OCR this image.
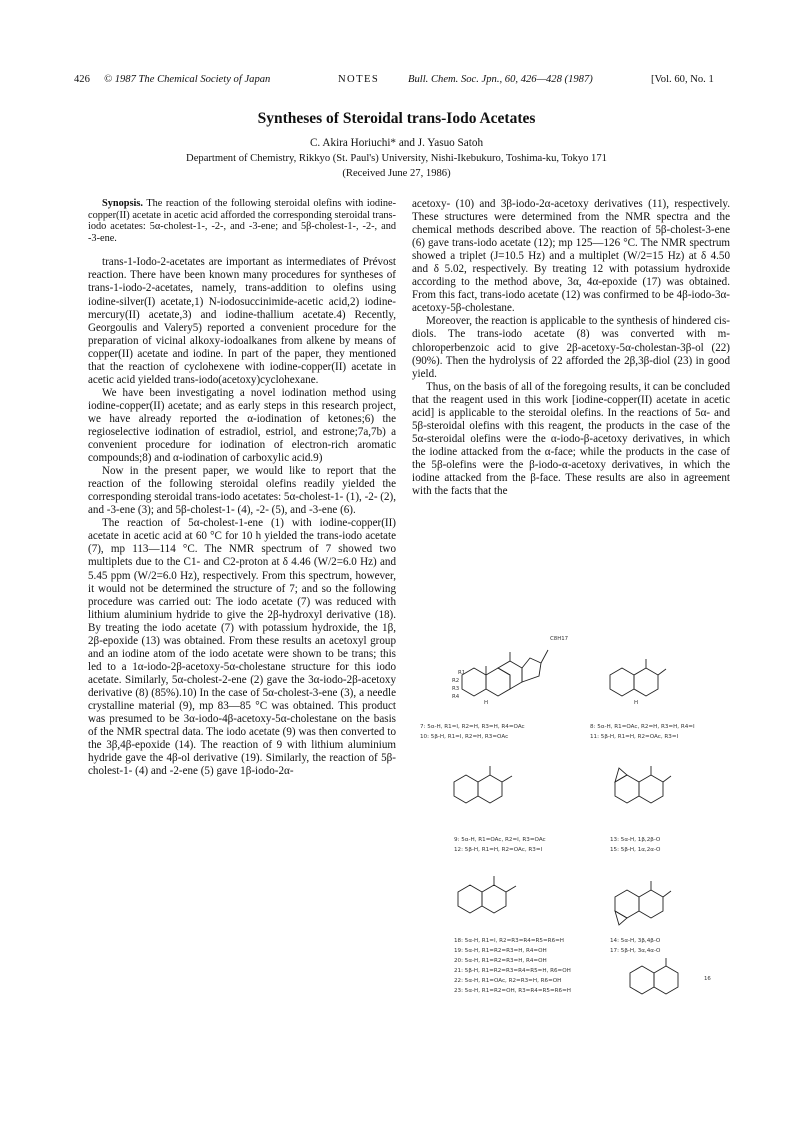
426 © 1987 The Chemical Society of Japan	NOTES	Bull. Chem. Soc. Jpn., 60, 426—428 (1987)	[Vol. 60, No. 1
Syntheses of Steroidal trans-Iodo Acetates
C. Akira Horiuchi* and J. Yasuo Satoh
Department of Chemistry, Rikkyo (St. Paul's) University, Nishi-Ikebukuro, Toshima-ku, Tokyo 171
(Received June 27, 1986)

Synopsis. The reaction of the following steroidal olefins with iodine-copper(II) acetate in acetic acid afforded the corresponding steroidal trans-iodo acetates: 5α-cholest-1-, -2-, and -3-ene; and 5β-cholest-1-, -2-, and -3-ene.

trans-1-Iodo-2-acetates are important as intermediates of Prévost reaction. There have been known many procedures for syntheses of trans-1-iodo-2-acetates, namely, trans-addition to olefins using iodine-silver(I) acetate,1) N-iodosuccinimide-acetic acid,2) iodine-mercury(II) acetate,3) and iodine-thallium acetate.4) Recently, Georgoulis and Valery5) reported a convenient procedure for the preparation of vicinal alkoxy-iodoalkanes from alkene by means of copper(II) acetate and iodine. In part of the paper, they mentioned that the reaction of cyclohexene with iodine-copper(II) acetate in acetic acid yielded trans-iodo(acetoxy)cyclohexane.

We have been investigating a novel iodination method using iodine-copper(II) acetate; and as early steps in this research project, we have already reported the α-iodination of ketones;6) the regioselective iodination of estradiol, estriol, and estrone;7a,7b) a convenient procedure for iodination of electron-rich aromatic compounds;8) and α-iodination of carboxylic acid.9)

Now in the present paper, we would like to report that the reaction of the following steroidal olefins readily yielded the corresponding steroidal trans-iodo acetates: 5α-cholest-1- (1), -2- (2), and -3-ene (3); and 5β-cholest-1- (4), -2- (5), and -3-ene (6).

The reaction of 5α-cholest-1-ene (1) with iodine-copper(II) acetate in acetic acid at 60 °C for 10 h yielded the trans-iodo acetate (7), mp 113—114 °C. The NMR spectrum of 7 showed two multiplets due to the C1- and C2-proton at δ 4.46 (W/2=6.0 Hz) and 5.45 ppm (W/2=6.0 Hz), respectively. From this spectrum, however, it would not be determined the structure of 7; and so the following procedure was carried out: The iodo acetate (7) was reduced with lithium aluminium hydride to give the 2β-hydroxyl derivative (18). By treating the iodo acetate (7) with potassium hydroxide, the 1β, 2β-epoxide (13) was obtained. From these results an acetoxyl group and an iodine atom of the iodo acetate were shown to be trans; this led to a 1α-iodo-2β-acetoxy-5α-cholestane structure for this iodo acetate. Similarly, 5α-cholest-2-ene (2) gave the 3α-iodo-2β-acetoxy derivative (8) (85%).10) In the case of 5α-cholest-3-ene (3), a needle crystalline material (9), mp 83—85 °C was obtained. This product was presumed to be 3α-iodo-4β-acetoxy-5α-cholestane on the basis of the NMR spectral data. The iodo acetate (9) was then converted to the 3β,4β-epoxide (14). The reaction of 9 with lithium aluminium hydride gave the 4β-ol derivative (19). Similarly, the reaction of 5β-cholest-1- (4) and -2-ene (5) gave 1β-iodo-2α-

acetoxy- (10) and 3β-iodo-2α-acetoxy derivatives (11), respectively. These structures were determined from the NMR spectra and the chemical methods described above. The reaction of 5β-cholest-3-ene (6) gave trans-iodo acetate (12); mp 125—126 °C. The NMR spectrum showed a triplet (J=10.5 Hz) and a multiplet (W/2=15 Hz) at δ 4.50 and δ 5.02, respectively. By treating 12 with potassium hydroxide according to the method above, 3α, 4α-epoxide (17) was obtained. From this fact, trans-iodo acetate (12) was confirmed to be 4β-iodo-3α-acetoxy-5β-cholestane.

Moreover, the reaction is applicable to the synthesis of hindered cis-diols. The trans-iodo acetate (8) was converted with m-chloroperbenzoic acid to give 2β-acetoxy-5α-cholestan-3β-ol (22) (90%). Then the hydrolysis of 22 afforded the 2β,3β-diol (23) in good yield.

Thus, on the basis of all of the foregoing results, it can be concluded that the reagent used in this work [iodine-copper(II) acetate in acetic acid] is applicable to the steroidal olefins. In the reactions of 5α- and 5β-steroidal olefins with this reagent, the products in the case of the 5α-steroidal olefins were the α-iodo-β-acetoxy derivatives, in which the iodine attacked from the α-face; while the products in the case of the 5β-olefins were the β-iodo-α-acetoxy derivatives, in which the iodine attacked from the β-face. These results are also in agreement with the facts that the

C8H17
R1
R2
R3
R4
H	H
7: 5α-H, R1=I, R2=H, R3=H, R4=OAc
10: 5β-H, R1=I, R2=H, R3=OAc
8: 5α-H, R1=OAc, R2=H, R3=H, R4=I
11: 5β-H, R1=H, R2=OAc, R3=I
9: 5α-H, R1=OAc, R2=I, R3=OAc
12: 5β-H, R1=H, R2=OAc, R3=I
13: 5α-H, 1β,2β-O
15: 5β-H, 1α,2α-O
18: 5α-H, R1=I, R2=R3=R4=R5=R6=H
19: 5α-H, R1=R2=R3=H, R4=OH
20: 5α-H, R1=R2=R3=H, R4=OH
21: 5β-H, R1=R2=R3=R4=R5=H, R6=OH
22: 5α-H, R1=OAc, R2=R3=H, R6=OH
23: 5α-H, R1=R2=OH, R3=R4=R5=R6=H
14: 5α-H, 3β,4β-O
17: 5β-H, 3α,4α-O
16
